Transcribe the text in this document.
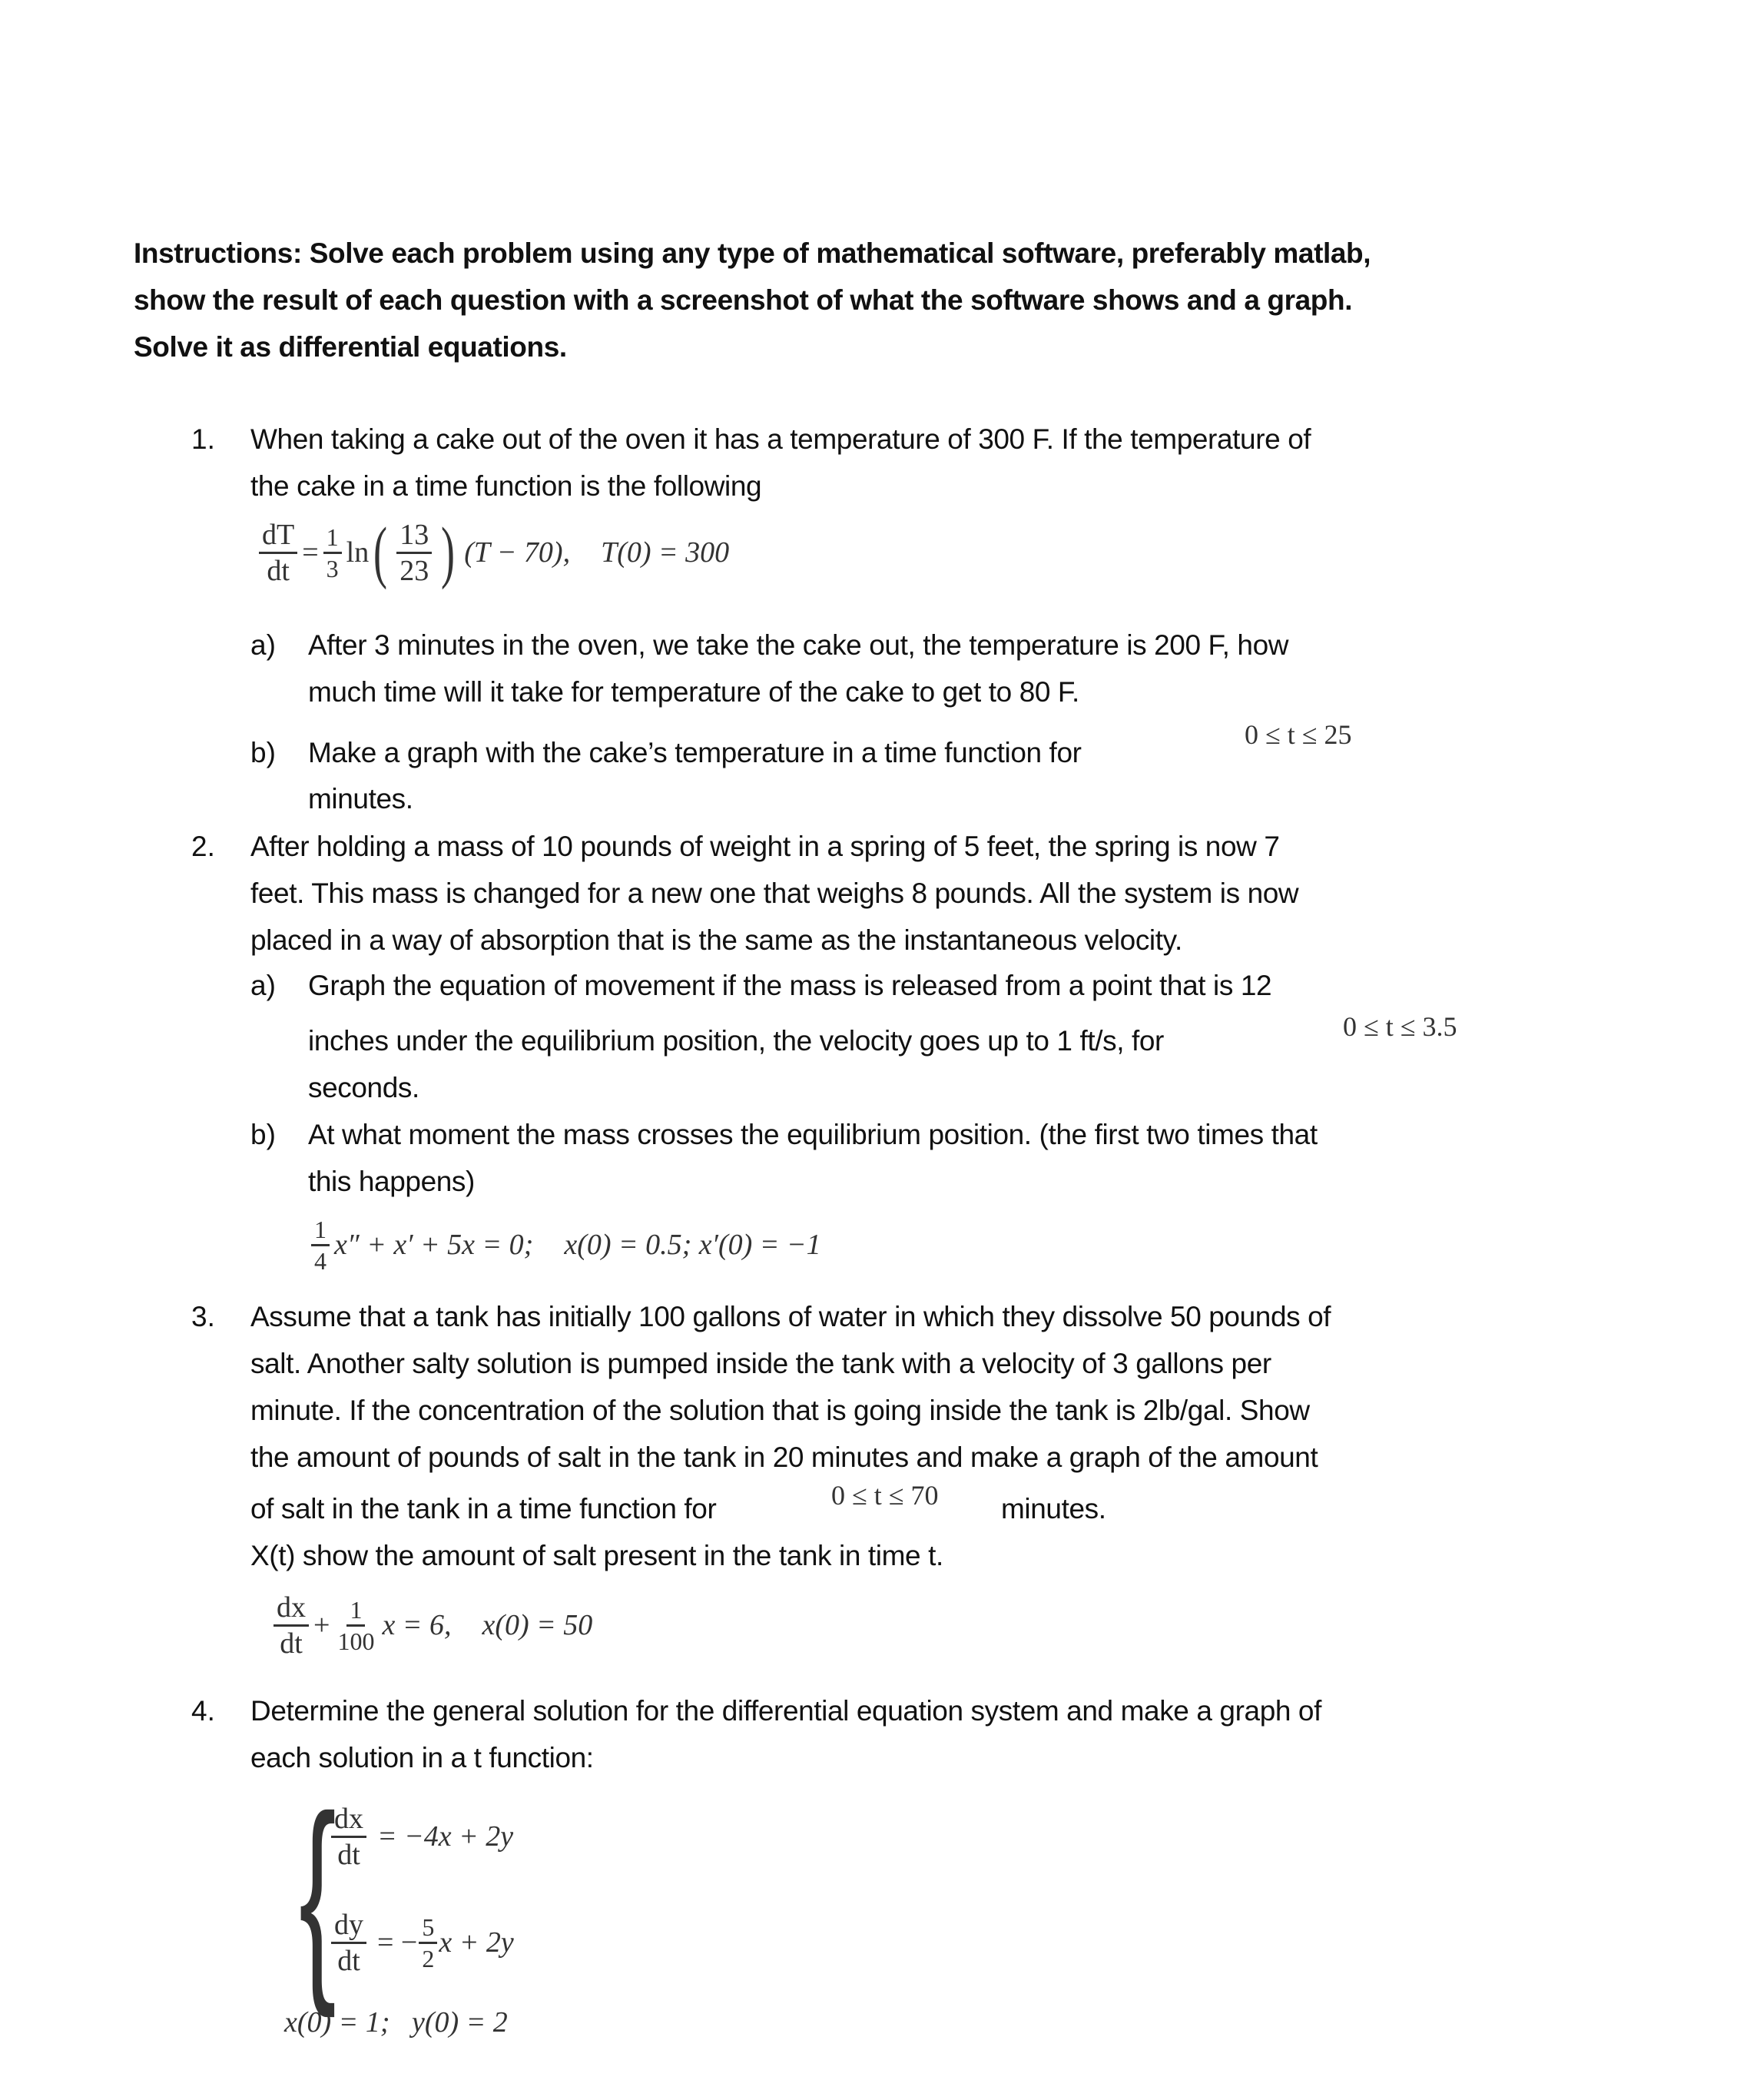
Instructions: Solve each problem using any type of mathematical software, preferably matlab,
show the result of each question with a screenshot of what the software shows and a graph.
Solve it as differential equations.
1. When taking a cake out of the oven it has a temperature of 300 F. If the temperature of
the cake in a time function is the following
$\frac{dT}{dt} = \frac{1}{3}$ ln ( $\frac{13}{23}$ ) (T − 70), T(0) = 300
a) After 3 minutes in the oven, we take the cake out, the temperature is 200 F, how
much time will it take for temperature of the cake to get to 80 F.
b) Make a graph with the cake’s temperature in a time function for
0 ≤ t ≤ 25
minutes.
2. After holding a mass of 10 pounds of weight in a spring of 5 feet, the spring is now 7
feet. This mass is changed for a new one that weighs 8 pounds. All the system is now
placed in a way of absorption that is the same as the instantaneous velocity.
a) Graph the equation of movement if the mass is released from a point that is 12
inches under the equilibrium position, the velocity goes up to 1 ft/s, for	0 ≤ t ≤ 3.5
seconds.
b) At what moment the mass crosses the equilibrium position. (the first two times that
this happens)
$\frac{1}{4} x'' + x' + 5x = 0$; x(0) = 0.5; x′(0) = −1
3. Assume that a tank has initially 100 gallons of water in which they dissolve 50 pounds of
salt. Another salty solution is pumped inside the tank with a velocity of 3 gallons per
minute. If the concentration of the solution that is going inside the tank is 2lb/gal. Show
the amount of pounds of salt in the tank in 20 minutes and make a graph of the amount
of salt in the tank in a time function for	0 ≤ t ≤ 70 minutes.
X(t) show the amount of salt present in the tank in time t.
$\frac{dx}{dt} + \frac{1}{100}$ x = 6, x(0) = 50
4. Determine the general solution for the differential equation system and make a graph of
each solution in a t function:
{
$\frac{dx}{dt} = -4x + 2y$
$\frac{dy}{dt}$ = − $\frac{5}{2}$ x + 2y
x(0) = 1;   y(0) = 2
